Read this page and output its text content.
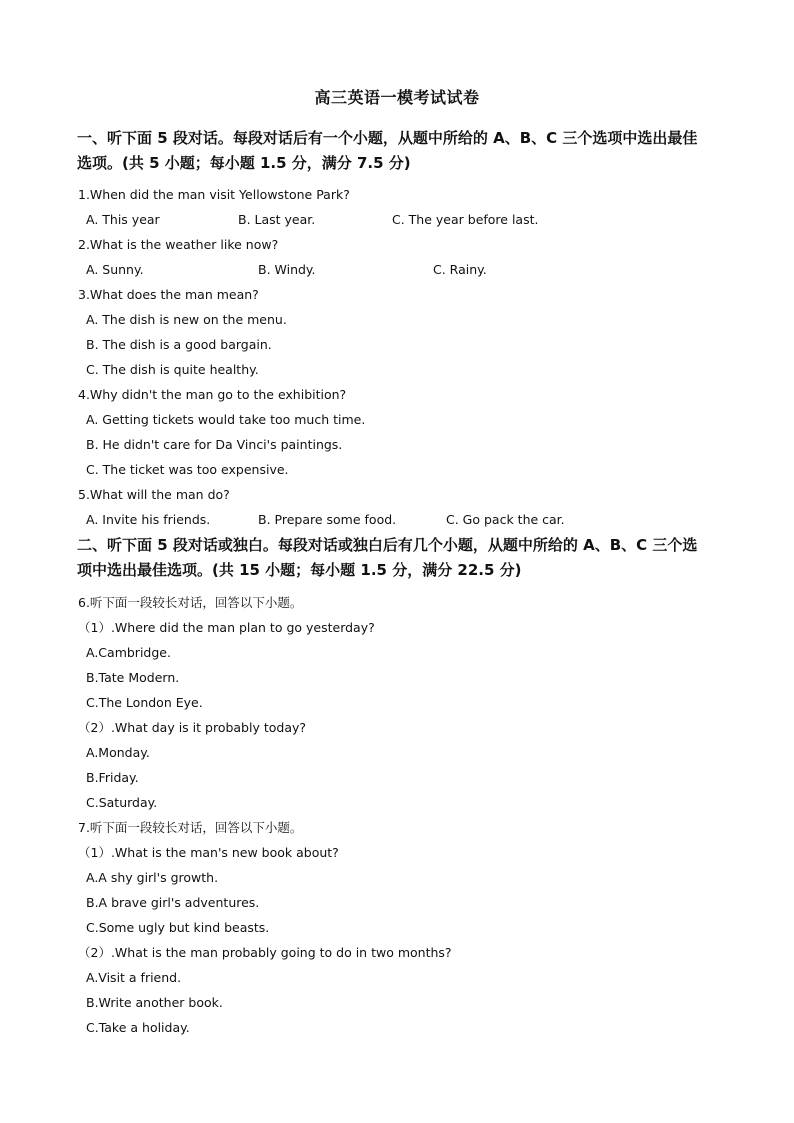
高三英语一模考试试卷
一、听下面 5 段对话。每段对话后有一个小题，从题中所给的 A、B、C 三个选项中选出最佳
选项。(共 5 小题；每小题 1.5 分，满分 7.5 分)
1.When did the man visit Yellowstone Park?
A. This year	B. Last year.	C. The year before last.
2.What is the weather like now?
A. Sunny.	B. Windy.	C. Rainy.
3.What does the man mean?
A. The dish is new on the menu.
B. The dish is a good bargain.
C. The dish is quite healthy.
4.Why didn't the man go to the exhibition?
A. Getting tickets would take too much time.
B. He didn't care for Da Vinci's paintings.
C. The ticket was too expensive.
5.What will the man do?
A. Invite his friends.	B. Prepare some food.	C. Go pack the car.
二、听下面 5 段对话或独白。每段对话或独白后有几个小题，从题中所给的 A、B、C 三个选
项中选出最佳选项。(共 15 小题；每小题 1.5 分，满分 22.5 分)
6.听下面一段较长对话，回答以下小题。
（1）.Where did the man plan to go yesterday?
A.Cambridge.
B.Tate Modern.
C.The London Eye.
（2）.What day is it probably today?
A.Monday.
B.Friday.
C.Saturday.
7.听下面一段较长对话，回答以下小题。
（1）.What is the man's new book about?
A.A shy girl's growth.
B.A brave girl's adventures.
C.Some ugly but kind beasts.
（2）.What is the man probably going to do in two months?
A.Visit a friend.
B.Write another book.
C.Take a holiday.
